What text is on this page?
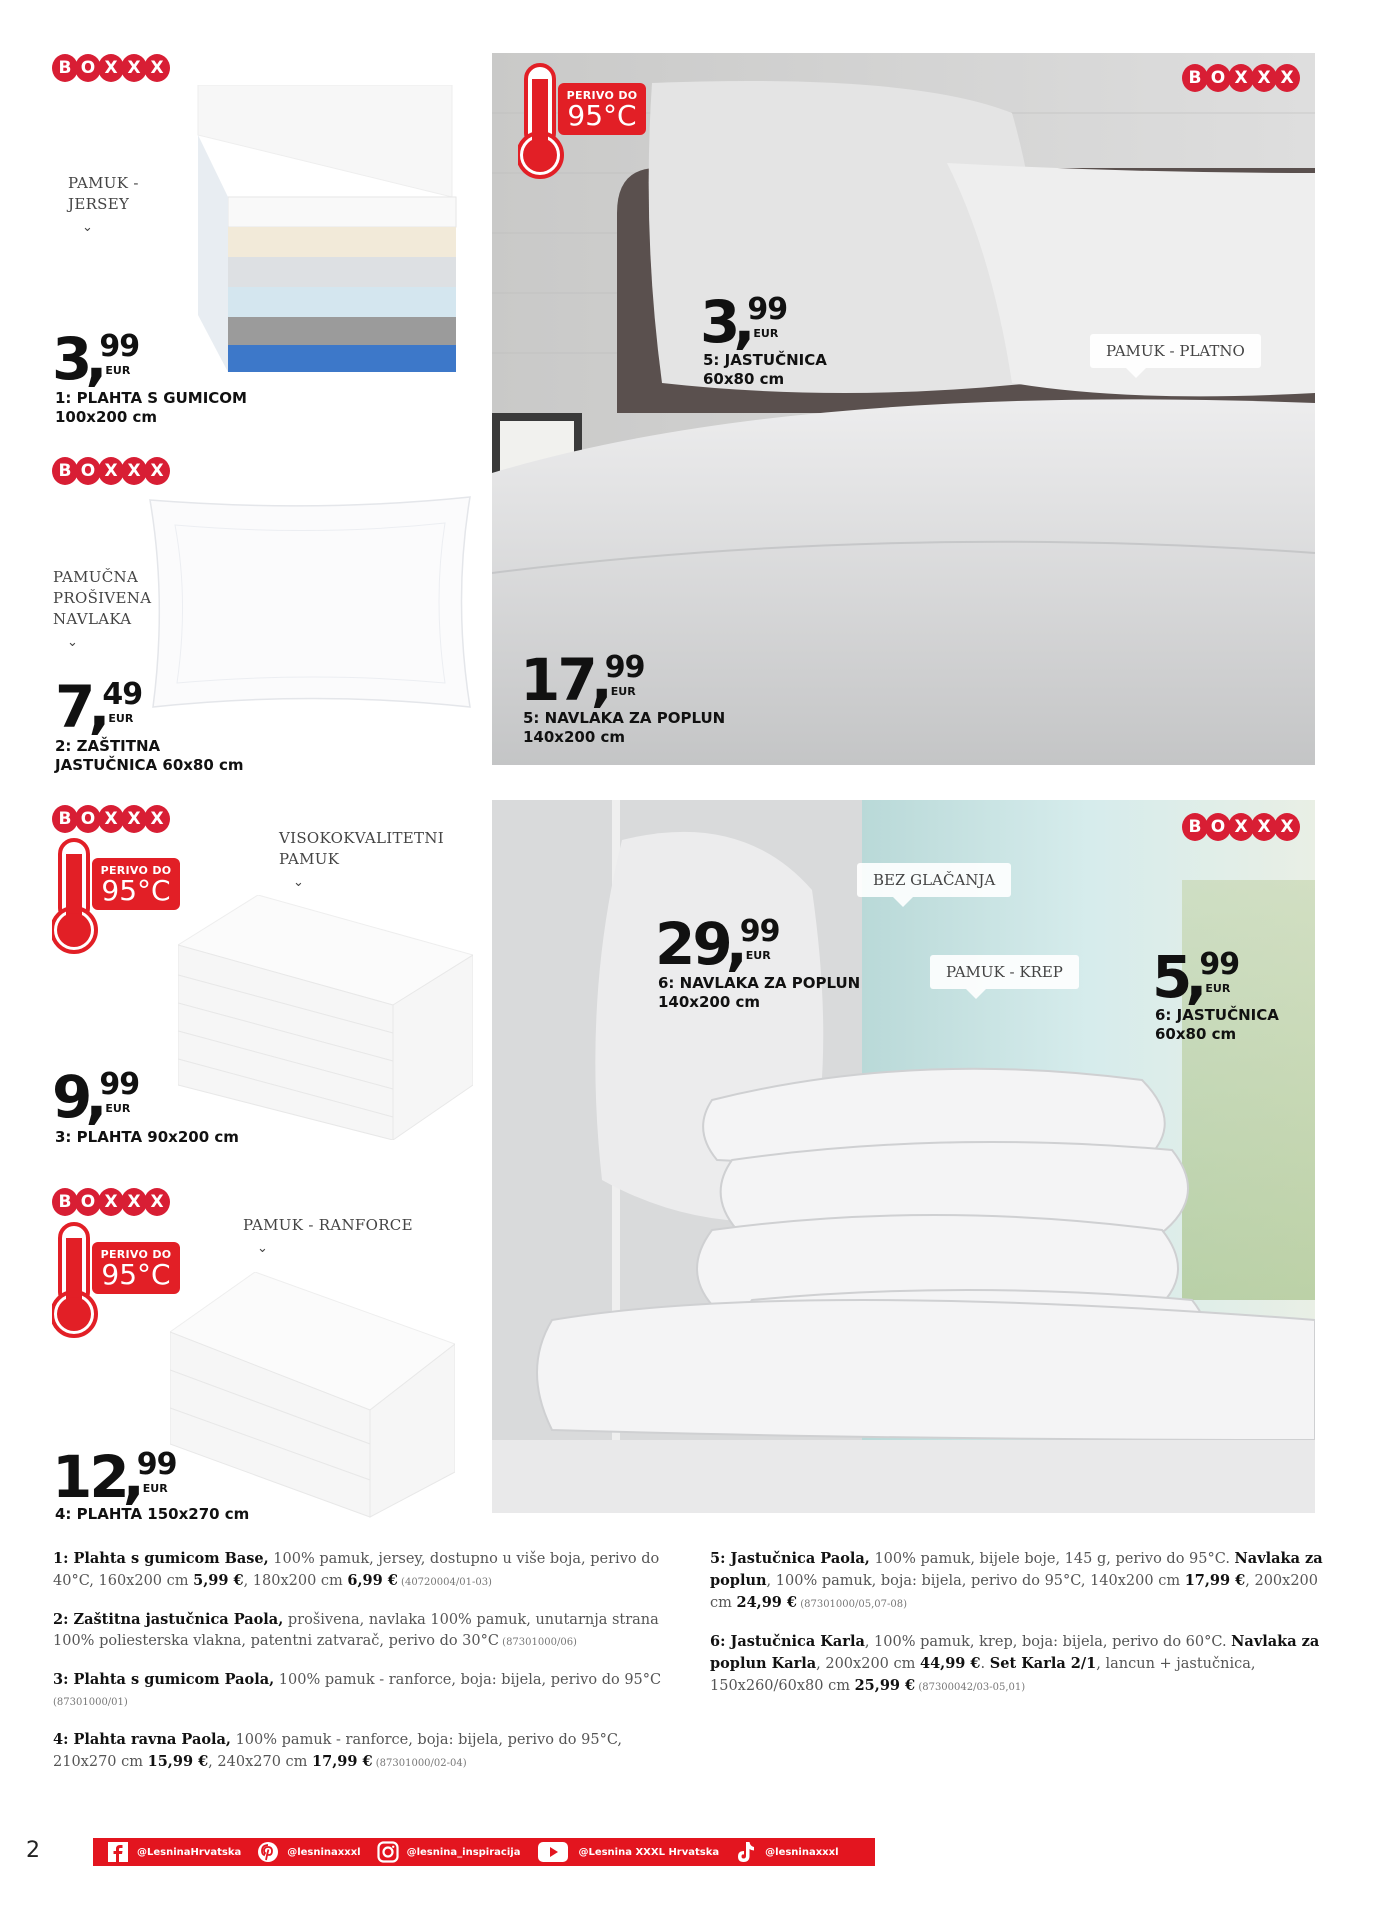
B O X X X
PAMUK -
JERSEY
⌄
3
,
99
EUR
1: PLAHTA S GUMICOM
100x200 cm
B O X X X
PAMUČNA
PROŠIVENA
NAVLAKA
⌄
7
,
49
EUR
2: ZAŠTITNA
JASTUČNICA 60x80 cm
B O X X X
PERIVO DO
95°C
VISOKOKVALITETNI
PAMUK
⌄
9
,
99
EUR
3: PLAHTA 90x200 cm
B O X X X
PERIVO DO
95°C
PAMUK - RANFORCE
⌄
12
,
99
EUR
4: PLAHTA 150x270 cm
PERIVO DO
95°C
B O X X X
PAMUK - PLATNO
3
,
99
EUR
5: JASTUČNICA
60x80 cm
17
,
99
EUR
5: NAVLAKA ZA POPLUN
140x200 cm
B O X X X
BEZ GLAČANJA
PAMUK - KREP
29
,
99
EUR
6: NAVLAKA ZA POPLUN
140x200 cm	5
,
99
EUR
6: JASTUČNICA
60x80 cm

1: Plahta s gumicom Base, 100% pamuk, jersey, dostupno u više boja, perivo do 40°C, 160x200 cm 5,99 €, 180x200 cm 6,99 € (40720004/01-03)

2: Zaštitna jastučnica Paola, prošivena, navlaka 100% pamuk, unutarnja strana 100% poliesterska vlakna, patentni zatvarač, perivo do 30°C (87301000/06)

3: Plahta s gumicom Paola, 100% pamuk - ranforce, boja: bijela, perivo do 95°C
(87301000/01)

4: Plahta ravna Paola, 100% pamuk - ranforce, boja: bijela, perivo do 95°C, 210x270 cm 15,99 €, 240x270 cm 17,99 € (87301000/02-04)

5: Jastučnica Paola, 100% pamuk, bijele boje, 145 g, perivo do 95°C. Navlaka za poplun, 100% pamuk, boja: bijela, perivo do 95°C, 140x200 cm 17,99 €, 200x200 cm 24,99 € (87301000/05,07-08)

6: Jastučnica Karla, 100% pamuk, krep, boja: bijela, perivo do 60°C. Navlaka za poplun Karla, 200x200 cm 44,99 €. Set Karla 2/1, lancun + jastučnica, 150x260/60x80 cm 25,99 € (87300042/03-05,01)

2	@LesninaHrvatska	@lesninaxxxl	@lesnina_inspiracija	@Lesnina XXXL Hrvatska	@lesninaxxxl
